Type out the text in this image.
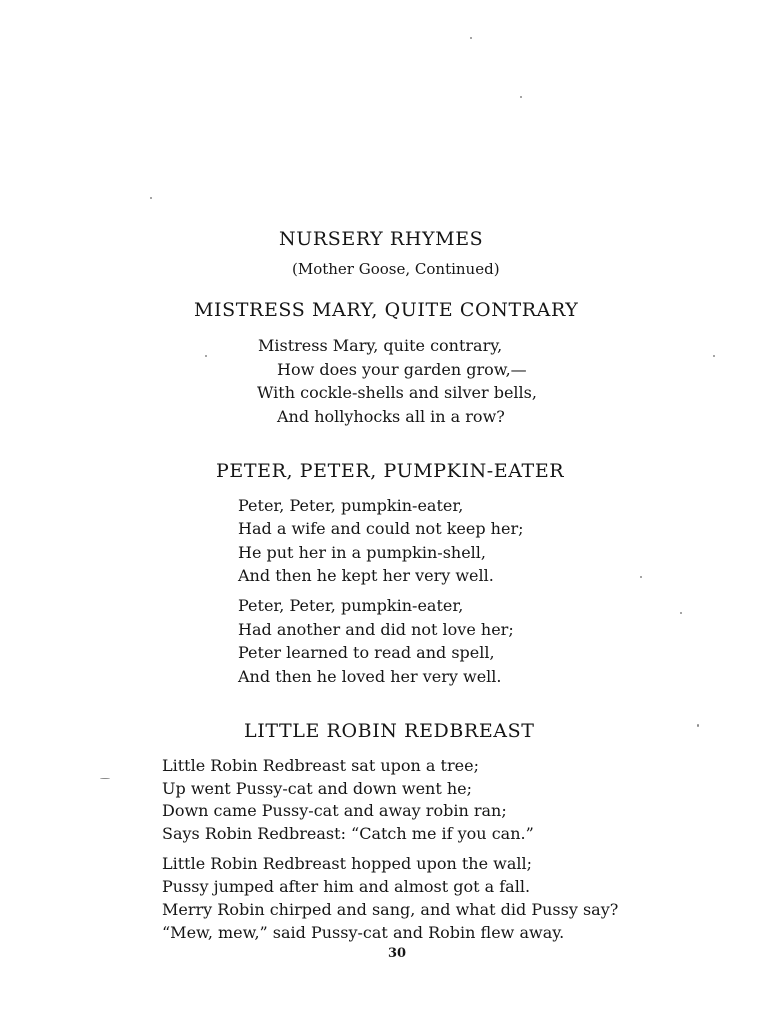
NURSERY RHYMES
(Mother Goose, Continued)
MISTRESS MARY, QUITE CONTRARY
Mistress Mary, quite contrary,
How does your garden grow,—
With cockle-shells and silver bells,
And hollyhocks all in a row?
PETER, PETER, PUMPKIN-EATER
Peter, Peter, pumpkin-eater,
Had a wife and could not keep her;
He put her in a pumpkin-shell,
And then he kept her very well.
Peter, Peter, pumpkin-eater,
Had another and did not love her;
Peter learned to read and spell,
And then he loved her very well.
LITTLE ROBIN REDBREAST
Little Robin Redbreast sat upon a tree;
Up went Pussy-cat and down went he;
Down came Pussy-cat and away robin ran;
Says Robin Redbreast: “Catch me if you can.”
Little Robin Redbreast hopped upon the wall;
Pussy jumped after him and almost got a fall.
Merry Robin chirped and sang, and what did Pussy say?
“Mew, mew,” said Pussy-cat and Robin flew away.
30
